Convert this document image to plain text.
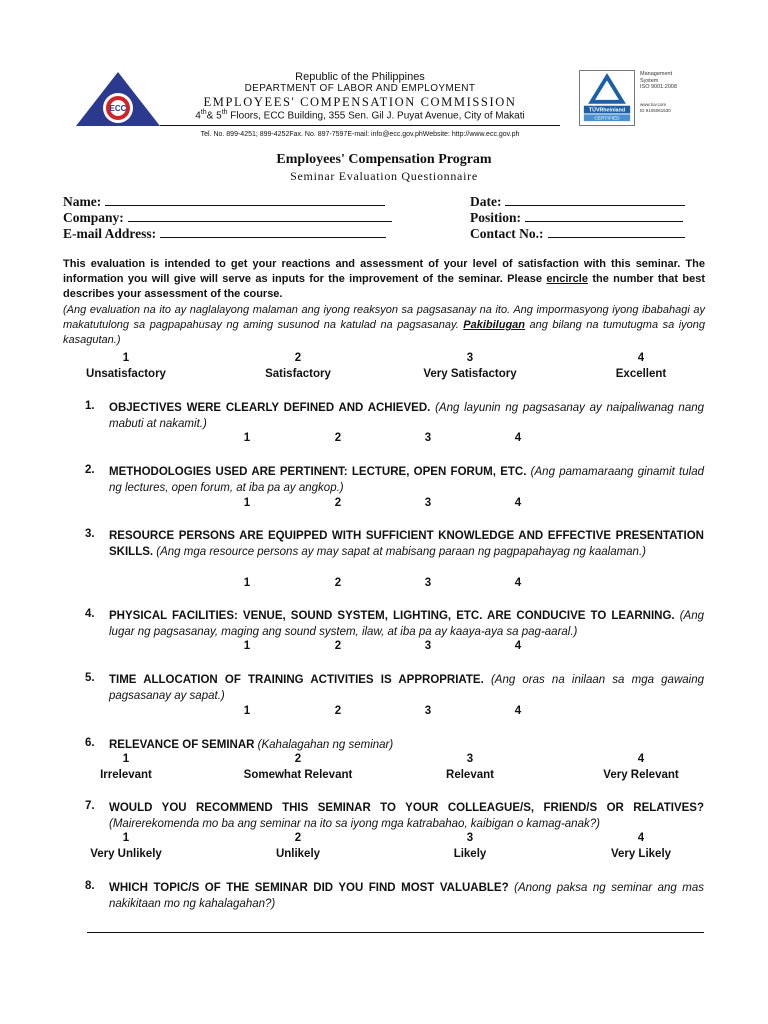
ECC
Republic of the Philippines
DEPARTMENT OF LABOR AND EMPLOYMENT
EMPLOYEES' COMPENSATION COMMISSION
4th& 5th Floors, ECC Building, 355 Sen. Gil J. Puyat Avenue, City of Makati
Tel. No. 899-4251; 899-4252Fax. No. 897-7597E-mail: info@ecc.gov.phWebsite: http://www.ecc.gov.ph
TÜVRheinland
CERTIFIED
Management
System
ISO 9001:2008
www.tuv.com
ID 9105061530
Employees' Compensation Program
Seminar Evaluation Questionnaire
Name:
Company:
E-mail Address:
Date:
Position:
Contact No.:
This evaluation is intended to get your reactions and assessment of your level of satisfaction with this seminar. The information you will give will serve as inputs for the improvement of the seminar. Please encircle the number that best describes your assessment of the course.
(Ang evaluation na ito ay naglalayong malaman ang iyong reaksyon sa pagsasanay na ito. Ang impormasyong iyong ibabahagi ay makatutulong sa pagpapahusay ng aming susunod na katulad na pagsasanay. Pakibilugan ang bilang na tumutugma sa iyong kasagutan.)
1	2	3	4
Unsatisfactory	Satisfactory	Very Satisfactory	Excellent
1. OBJECTIVES WERE CLEARLY DEFINED AND ACHIEVED. (Ang layunin ng pagsasanay ay naipaliwanag nang mabuti at nakamit.)
1	2	3	4
2. METHODOLOGIES USED ARE PERTINENT: LECTURE, OPEN FORUM, ETC. (Ang pamamaraang ginamit tulad ng lectures, open forum, at iba pa ay angkop.)
1	2	3	4
3. RESOURCE PERSONS ARE EQUIPPED WITH SUFFICIENT KNOWLEDGE AND EFFECTIVE PRESENTATION SKILLS. (Ang mga resource persons ay may sapat at mabisang paraan ng pagpapahayag ng kaalaman.)
1	2	3	4
4. PHYSICAL FACILITIES: VENUE, SOUND SYSTEM, LIGHTING, ETC. ARE CONDUCIVE TO LEARNING. (Ang lugar ng pagsasanay, maging ang sound system, ilaw, at iba pa ay kaaya-aya sa pag-aaral.)
1	2	3	4
5. TIME ALLOCATION OF TRAINING ACTIVITIES IS APPROPRIATE. (Ang oras na inilaan sa mga gawaing pagsasanay ay sapat.)
1	2	3	4
6. RELEVANCE OF SEMINAR (Kahalagahan ng seminar)
1	2	3	4
Irrelevant	Somewhat Relevant	Relevant	Very Relevant
7. WOULD YOU RECOMMEND THIS SEMINAR TO YOUR COLLEAGUE/S, FRIEND/S OR RELATIVES? (Mairerekomenda mo ba ang seminar na ito sa iyong mga katrabahao, kaibigan o kamag-anak?)
1	2	3	4
Very Unlikely	Unlikely	Likely	Very Likely
8. WHICH TOPIC/S OF THE SEMINAR DID YOU FIND MOST VALUABLE? (Anong paksa ng seminar ang mas nakikitaan mo ng kahalagahan?)
